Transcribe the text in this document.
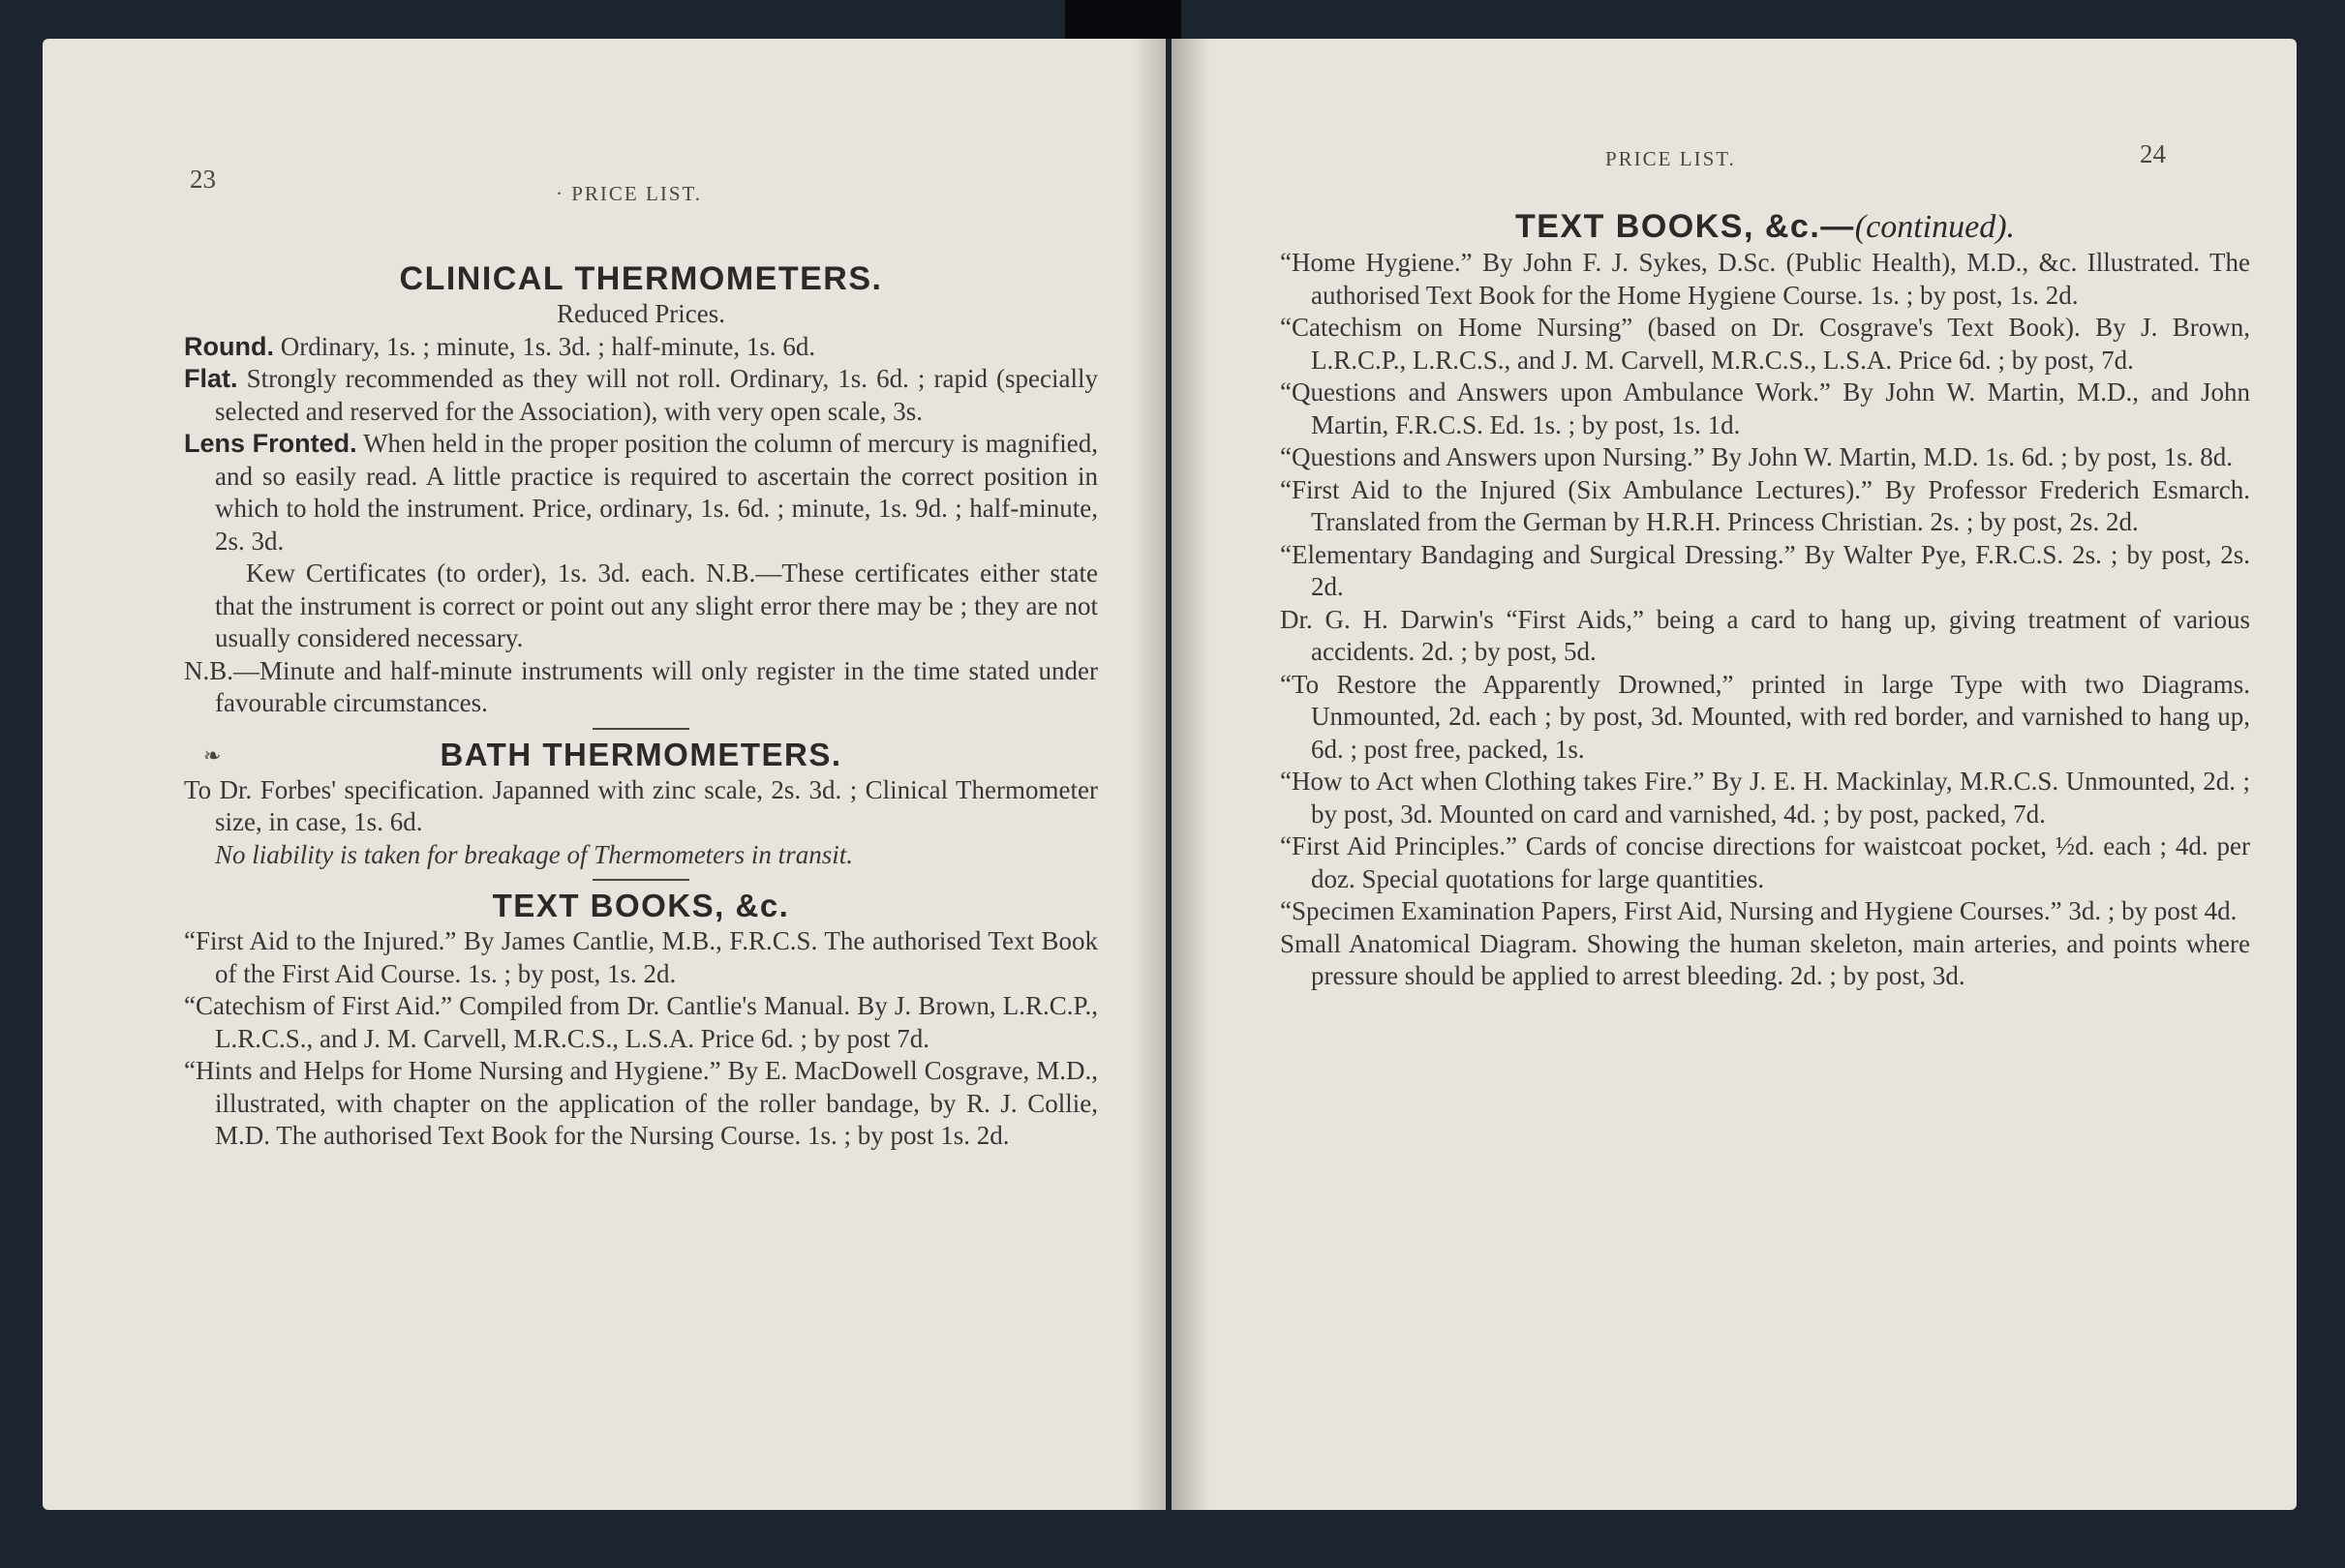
23	· PRICE LIST.
CLINICAL THERMOMETERS.

Reduced Prices.

Round. Ordinary, 1s. ; minute, 1s. 3d. ; half-minute, 1s. 6d.

Flat. Strongly recommended as they will not roll. Ordinary, 1s. 6d. ; rapid (specially selected and reserved for the Association), with very open scale, 3s.

Lens Fronted. When held in the proper position the column of mercury is magnified, and so easily read. A little practice is required to ascertain the correct position in which to hold the instrument. Price, ordinary, 1s. 6d. ; minute, 1s. 9d. ; half-minute, 2s. 3d.

Kew Certificates (to order), 1s. 3d. each. N.B.—These certificates either state that the instrument is correct or point out any slight error there may be ; they are not usually considered necessary.

N.B.—Minute and half-minute instruments will only register in the time stated under favourable circumstances.

❧	BATH THERMOMETERS.

To Dr. Forbes' specification. Japanned with zinc scale, 2s. 3d. ; Clinical Thermometer size, in case, 1s. 6d.

No liability is taken for breakage of Thermometers in transit.

TEXT BOOKS, &c.

“First Aid to the Injured.” By James Cantlie, M.B., F.R.C.S. The authorised Text Book of the First Aid Course. 1s. ; by post, 1s. 2d.

“Catechism of First Aid.” Compiled from Dr. Cantlie's Manual. By J. Brown, L.R.C.P., L.R.C.S., and J. M. Carvell, M.R.C.S., L.S.A. Price 6d. ; by post 7d.

“Hints and Helps for Home Nursing and Hygiene.” By E. MacDowell Cosgrave, M.D., illustrated, with chapter on the application of the roller bandage, by R. J. Collie, M.D. The authorised Text Book for the Nursing Course. 1s. ; by post 1s. 2d.

PRICE LIST.	24
TEXT BOOKS, &c.—(continued).

“Home Hygiene.” By John F. J. Sykes, D.Sc. (Public Health), M.D., &c. Illustrated. The authorised Text Book for the Home Hygiene Course. 1s. ; by post, 1s. 2d.

“Catechism on Home Nursing” (based on Dr. Cosgrave's Text Book). By J. Brown, L.R.C.P., L.R.C.S., and J. M. Carvell, M.R.C.S., L.S.A. Price 6d. ; by post, 7d.

“Questions and Answers upon Ambulance Work.” By John W. Martin, M.D., and John Martin, F.R.C.S. Ed. 1s. ; by post, 1s. 1d.

“Questions and Answers upon Nursing.” By John W. Martin, M.D. 1s. 6d. ; by post, 1s. 8d.

“First Aid to the Injured (Six Ambulance Lectures).” By Professor Frederich Esmarch. Translated from the German by H.R.H. Princess Christian. 2s. ; by post, 2s. 2d.

“Elementary Bandaging and Surgical Dressing.” By Walter Pye, F.R.C.S. 2s. ; by post, 2s. 2d.

Dr. G. H. Darwin's “First Aids,” being a card to hang up, giving treatment of various accidents. 2d. ; by post, 5d.

“To Restore the Apparently Drowned,” printed in large Type with two Diagrams. Unmounted, 2d. each ; by post, 3d. Mounted, with red border, and varnished to hang up, 6d. ; post free, packed, 1s.

“How to Act when Clothing takes Fire.” By J. E. H. Mackinlay, M.R.C.S. Unmounted, 2d. ; by post, 3d. Mounted on card and varnished, 4d. ; by post, packed, 7d.

“First Aid Principles.” Cards of concise directions for waistcoat pocket, ½d. each ; 4d. per doz. Special quotations for large quantities.

“Specimen Examination Papers, First Aid, Nursing and Hygiene Courses.” 3d. ; by post 4d.

Small Anatomical Diagram. Showing the human skeleton, main arteries, and points where pressure should be applied to arrest bleeding. 2d. ; by post, 3d.
